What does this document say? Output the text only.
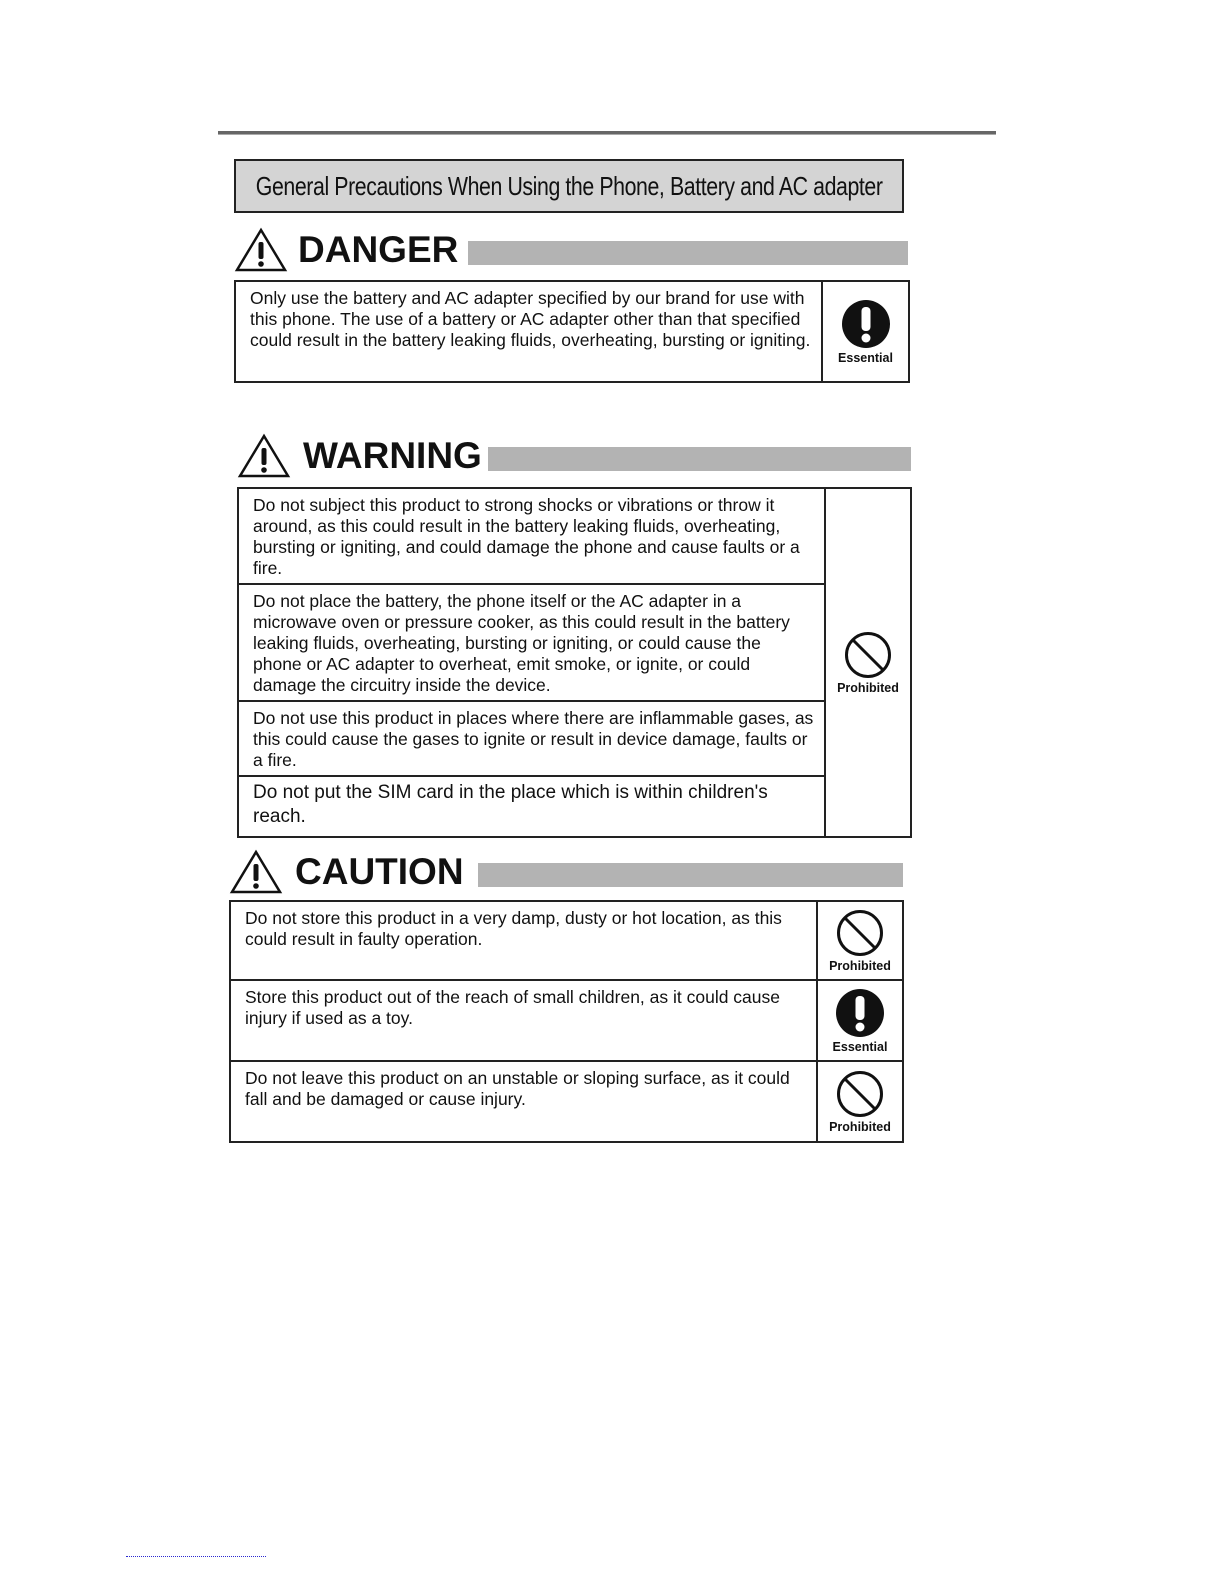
General Precautions When Using the Phone, Battery and AC adapter
DANGER
Only use the battery and AC adapter specified by our brand for use with this phone. The use of a battery or AC adapter other than that specified could result in the battery leaking fluids, overheating, bursting or igniting.	
Essential
WARNING
Do not subject this product to strong shocks or vibrations or throw it around, as this could result in the battery leaking fluids, overheating, bursting or igniting, and could damage the phone and cause faults or a fire.	
Prohibited

Do not place the battery, the phone itself or the AC adapter in a microwave oven or pressure cooker, as this could result in the battery leaking fluids, overheating, bursting or igniting, or could cause the phone or AC adapter to overheat, emit smoke, or ignite, or could damage the circuitry inside the device.
Do not use this product in places where there are inflammable gases, as this could cause the gases to ignite or result in device damage, faults or a fire.
Do not put the SIM card in the place which is within children's reach.
CAUTION
Do not store this product in a very damp, dusty or hot location, as this could result in faulty operation.	Prohibited

Store this product out of the reach of small children, as it could cause injury if used as a toy.	Essential

Do not leave this product on an unstable or sloping surface, as it could fall and be damaged or cause injury.	Prohibited
